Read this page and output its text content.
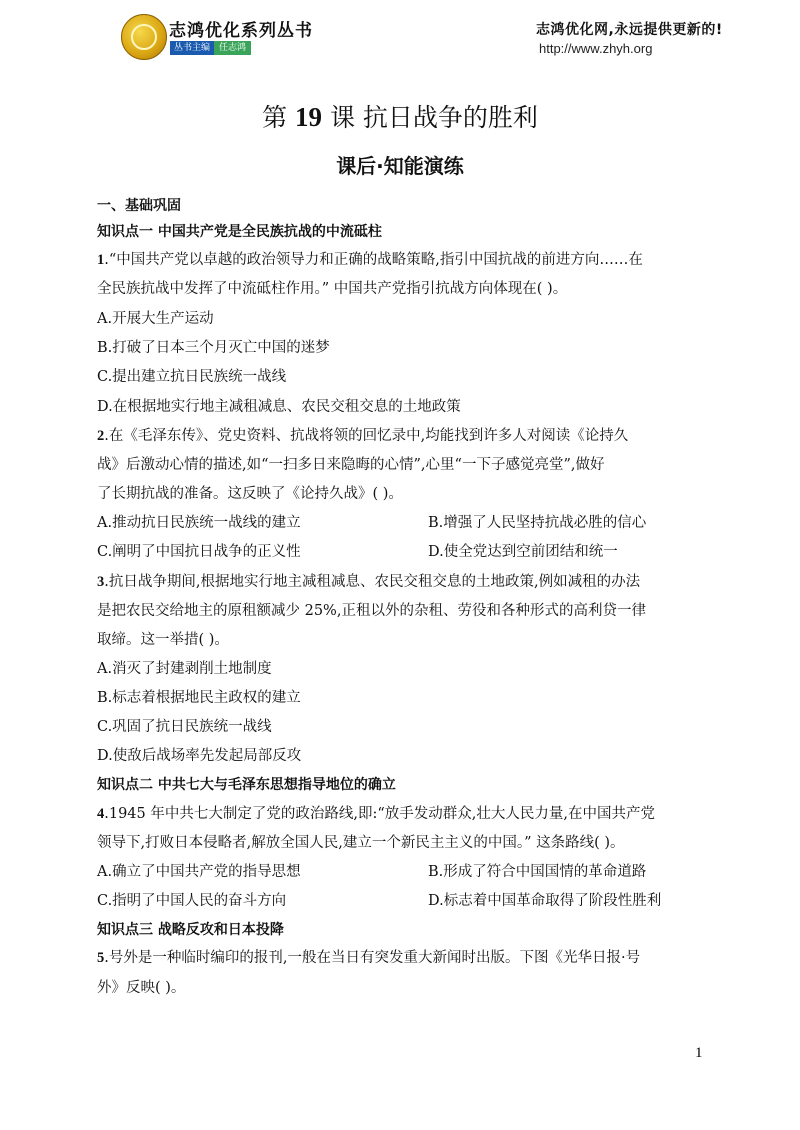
志鸿优化系列丛书
丛书主编	任志鸿
志鸿优化网,永远提供更新的!
http://www.zhyh.org
第 19 课 抗日战争的胜利
课后·知能演练
一、基础巩固
知识点一 中国共产党是全民族抗战的中流砥柱
1.“中国共产党以卓越的政治领导力和正确的战略策略,指引中国抗战的前进方向……在
全民族抗战中发挥了中流砥柱作用。” 中国共产党指引抗战方向体现在( )。
A.开展大生产运动
B.打破了日本三个月灭亡中国的迷梦
C.提出建立抗日民族统一战线
D.在根据地实行地主减租减息、农民交租交息的土地政策
2.在《毛泽东传》、党史资料、抗战将领的回忆录中,均能找到许多人对阅读《论持久
战》后激动心情的描述,如“一扫多日来隐晦的心情”,心里“一下子感觉亮堂”,做好
了长期抗战的准备。这反映了《论持久战》( )。
A.推动抗日民族统一战线的建立	B.增强了人民坚持抗战必胜的信心
C.阐明了中国抗日战争的正义性	D.使全党达到空前团结和统一
3.抗日战争期间,根据地实行地主减租减息、农民交租交息的土地政策,例如减租的办法
是把农民交给地主的原租额减少 25%,正租以外的杂租、劳役和各种形式的高利贷一律
取缔。这一举措( )。
A.消灭了封建剥削土地制度
B.标志着根据地民主政权的建立
C.巩固了抗日民族统一战线
D.使敌后战场率先发起局部反攻
知识点二 中共七大与毛泽东思想指导地位的确立
4.1945 年中共七大制定了党的政治路线,即:“放手发动群众,壮大人民力量,在中国共产党
领导下,打败日本侵略者,解放全国人民,建立一个新民主主义的中国。” 这条路线( )。
A.确立了中国共产党的指导思想	B.形成了符合中国国情的革命道路
C.指明了中国人民的奋斗方向	D.标志着中国革命取得了阶段性胜利
知识点三 战略反攻和日本投降
5.号外是一种临时编印的报刊,一般在当日有突发重大新闻时出版。下图《光华日报·号
外》反映( )。
1
